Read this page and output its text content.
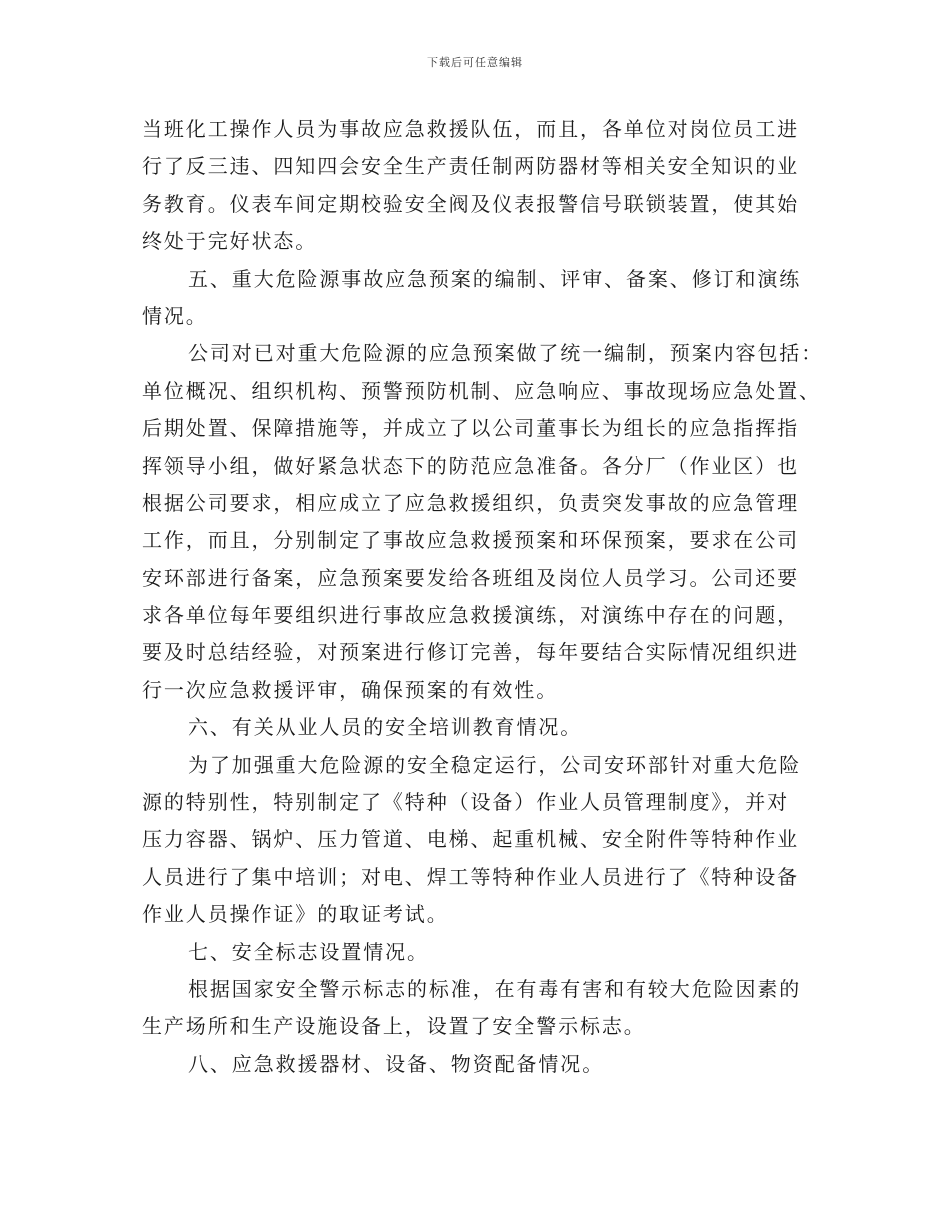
下载后可任意编辑
当班化工操作人员为事故应急救援队伍，而且，各单位对岗位员工进
行了反三违、四知四会安全生产责任制两防器材等相关安全知识的业
务教育。仪表车间定期校验安全阀及仪表报警信号联锁装置，使其始
终处于完好状态。
五、重大危险源事故应急预案的编制、评审、备案、修订和演练
情况。
公司对已对重大危险源的应急预案做了统一编制，预案内容包括：
单位概况、组织机构、预警预防机制、应急响应、事故现场应急处置、
后期处置、保障措施等，并成立了以公司董事长为组长的应急指挥指
挥领导小组，做好紧急状态下的防范应急准备。各分厂（作业区）也
根据公司要求，相应成立了应急救援组织，负责突发事故的应急管理
工作，而且，分别制定了事故应急救援预案和环保预案，要求在公司
安环部进行备案，应急预案要发给各班组及岗位人员学习。公司还要
求各单位每年要组织进行事故应急救援演练，对演练中存在的问题，
要及时总结经验，对预案进行修订完善，每年要结合实际情况组织进
行一次应急救援评审，确保预案的有效性。
六、有关从业人员的安全培训教育情况。
为了加强重大危险源的安全稳定运行，公司安环部针对重大危险
源的特别性，特别制定了《特种（设备）作业人员管理制度》，并对
压力容器、锅炉、压力管道、电梯、起重机械、安全附件等特种作业
人员进行了集中培训；对电、焊工等特种作业人员进行了《特种设备
作业人员操作证》的取证考试。
七、安全标志设置情况。
根据国家安全警示标志的标准，在有毒有害和有较大危险因素的
生产场所和生产设施设备上，设置了安全警示标志。
八、应急救援器材、设备、物资配备情况。
